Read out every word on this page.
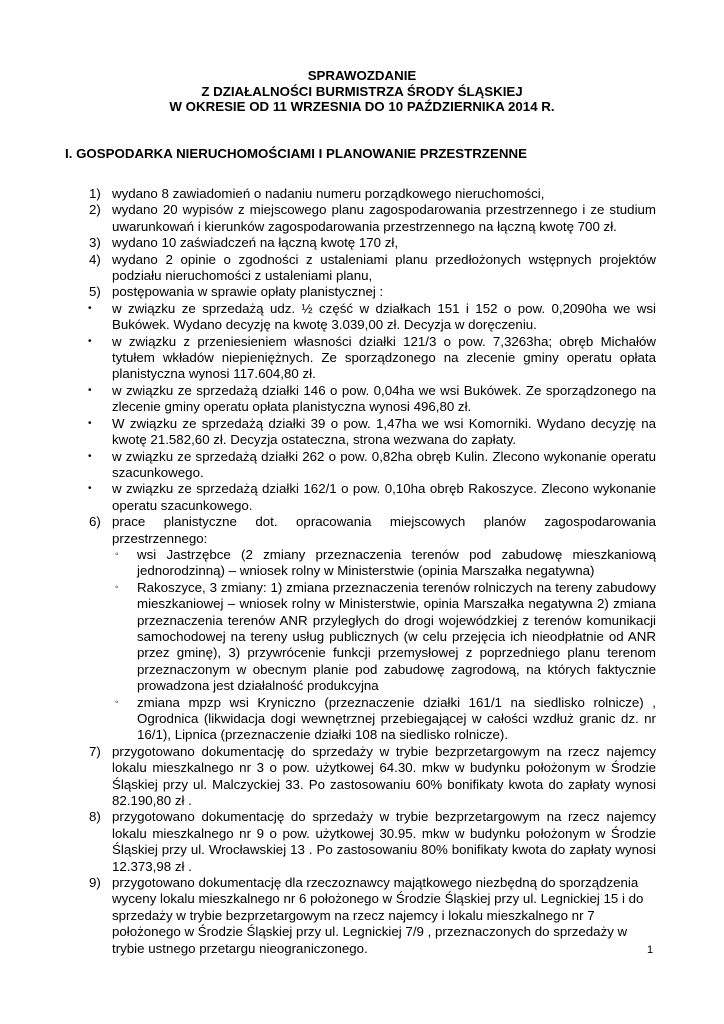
SPRAWOZDANIE
Z DZIAŁALNOŚCI BURMISTRZA ŚRODY ŚLĄSKIEJ
W OKRESIE OD 11 WRZESNIA DO 10 PAŹDZIERNIKA 2014 R.
I. GOSPODARKA NIERUCHOMOŚCIAMI I PLANOWANIE PRZESTRZENNE
1) wydano 8 zawiadomień o nadaniu numeru porządkowego nieruchomości,
2) wydano 20 wypisów z miejscowego planu zagospodarowania przestrzennego i ze studium uwarunkowań i kierunków zagospodarowania przestrzennego na łączną kwotę 700 zł.
3) wydano 10 zaświadczeń na łączną kwotę 170 zł,
4) wydano 2 opinie o zgodności z ustaleniami planu przedłożonych wstępnych projektów podziału nieruchomości z ustaleniami planu,
5) postępowania w sprawie opłaty planistycznej :
• w związku ze sprzedażą udz. ½ część w działkach 151 i 152 o pow. 0,2090ha we wsi Bukówek. Wydano decyzję na kwotę 3.039,00 zł. Decyzja w doręczeniu.
• w związku z przeniesieniem własności działki 121/3 o pow. 7,3263ha; obręb Michałów tytułem wkładów niepieniężnych. Ze sporządzonego na zlecenie gminy operatu opłata planistyczna wynosi 117.604,80 zł.
• w związku ze sprzedażą działki 146 o pow. 0,04ha we wsi Bukówek. Ze sporządzonego na zlecenie gminy operatu opłata planistyczna wynosi 496,80 zł.
• W związku ze sprzedażą działki 39 o pow. 1,47ha we wsi Komorniki. Wydano decyzję na kwotę 21.582,60 zł. Decyzja ostateczna, strona wezwana do zapłaty.
• w związku ze sprzedażą działki 262 o pow. 0,82ha obręb Kulin. Zlecono wykonanie operatu szacunkowego.
• w związku ze sprzedażą działki 162/1 o pow. 0,10ha obręb Rakoszyce. Zlecono wykonanie operatu szacunkowego.
6) prace planistyczne dot. opracowania miejscowych planów zagospodarowania przestrzennego:
◦ wsi Jastrzębce (2 zmiany przeznaczenia terenów pod zabudowę mieszkaniową jednorodzinną) – wniosek rolny w Ministerstwie (opinia Marszałka negatywna)
◦ Rakoszyce, 3 zmiany: 1) zmiana przeznaczenia terenów rolniczych na tereny zabudowy mieszkaniowej – wniosek rolny w Ministerstwie, opinia Marszałka negatywna 2) zmiana przeznaczenia terenów ANR przyległych do drogi wojewódzkiej z terenów komunikacji samochodowej na tereny usług publicznych (w celu przejęcia ich nieodpłatnie od ANR przez gminę), 3) przywrócenie funkcji przemysłowej z poprzedniego planu terenom przeznaczonym w obecnym planie pod zabudowę zagrodową, na których faktycznie prowadzona jest działalność produkcyjna
◦ zmiana mpzp wsi Kryniczno (przeznaczenie działki 161/1 na siedlisko rolnicze) , Ogrodnica (likwidacja dogi wewnętrznej przebiegającej w całości wzdłuż granic dz. nr 16/1), Lipnica (przeznaczenie działki 108 na siedlisko rolnicze).
7) przygotowano dokumentację do sprzedaży w trybie bezprzetargowym na rzecz najemcy lokalu mieszkalnego nr 3 o pow. użytkowej 64.30. mkw w budynku położonym w Środzie Śląskiej przy ul. Malczyckiej 33. Po zastosowaniu 60% bonifikaty kwota do zapłaty wynosi 82.190,80 zł .
8) przygotowano dokumentację do sprzedaży w trybie bezprzetargowym na rzecz najemcy lokalu mieszkalnego nr 9 o pow. użytkowej 30.95. mkw w budynku położonym w Środzie Śląskiej przy ul. Wrocławskiej 13 . Po zastosowaniu 80% bonifikaty kwota do zapłaty wynosi 12.373,98 zł .
9) przygotowano dokumentację dla rzeczoznawcy majątkowego niezbędną do sporządzenia wyceny lokalu mieszkalnego nr 6 położonego w Środzie Śląskiej przy ul. Legnickiej 15 i do sprzedaży w trybie bezprzetargowym na rzecz najemcy i lokalu mieszkalnego nr 7 położonego w Środzie Śląskiej przy ul. Legnickiej 7/9 , przeznaczonych do sprzedaży w trybie ustnego przetargu nieograniczonego.	1
